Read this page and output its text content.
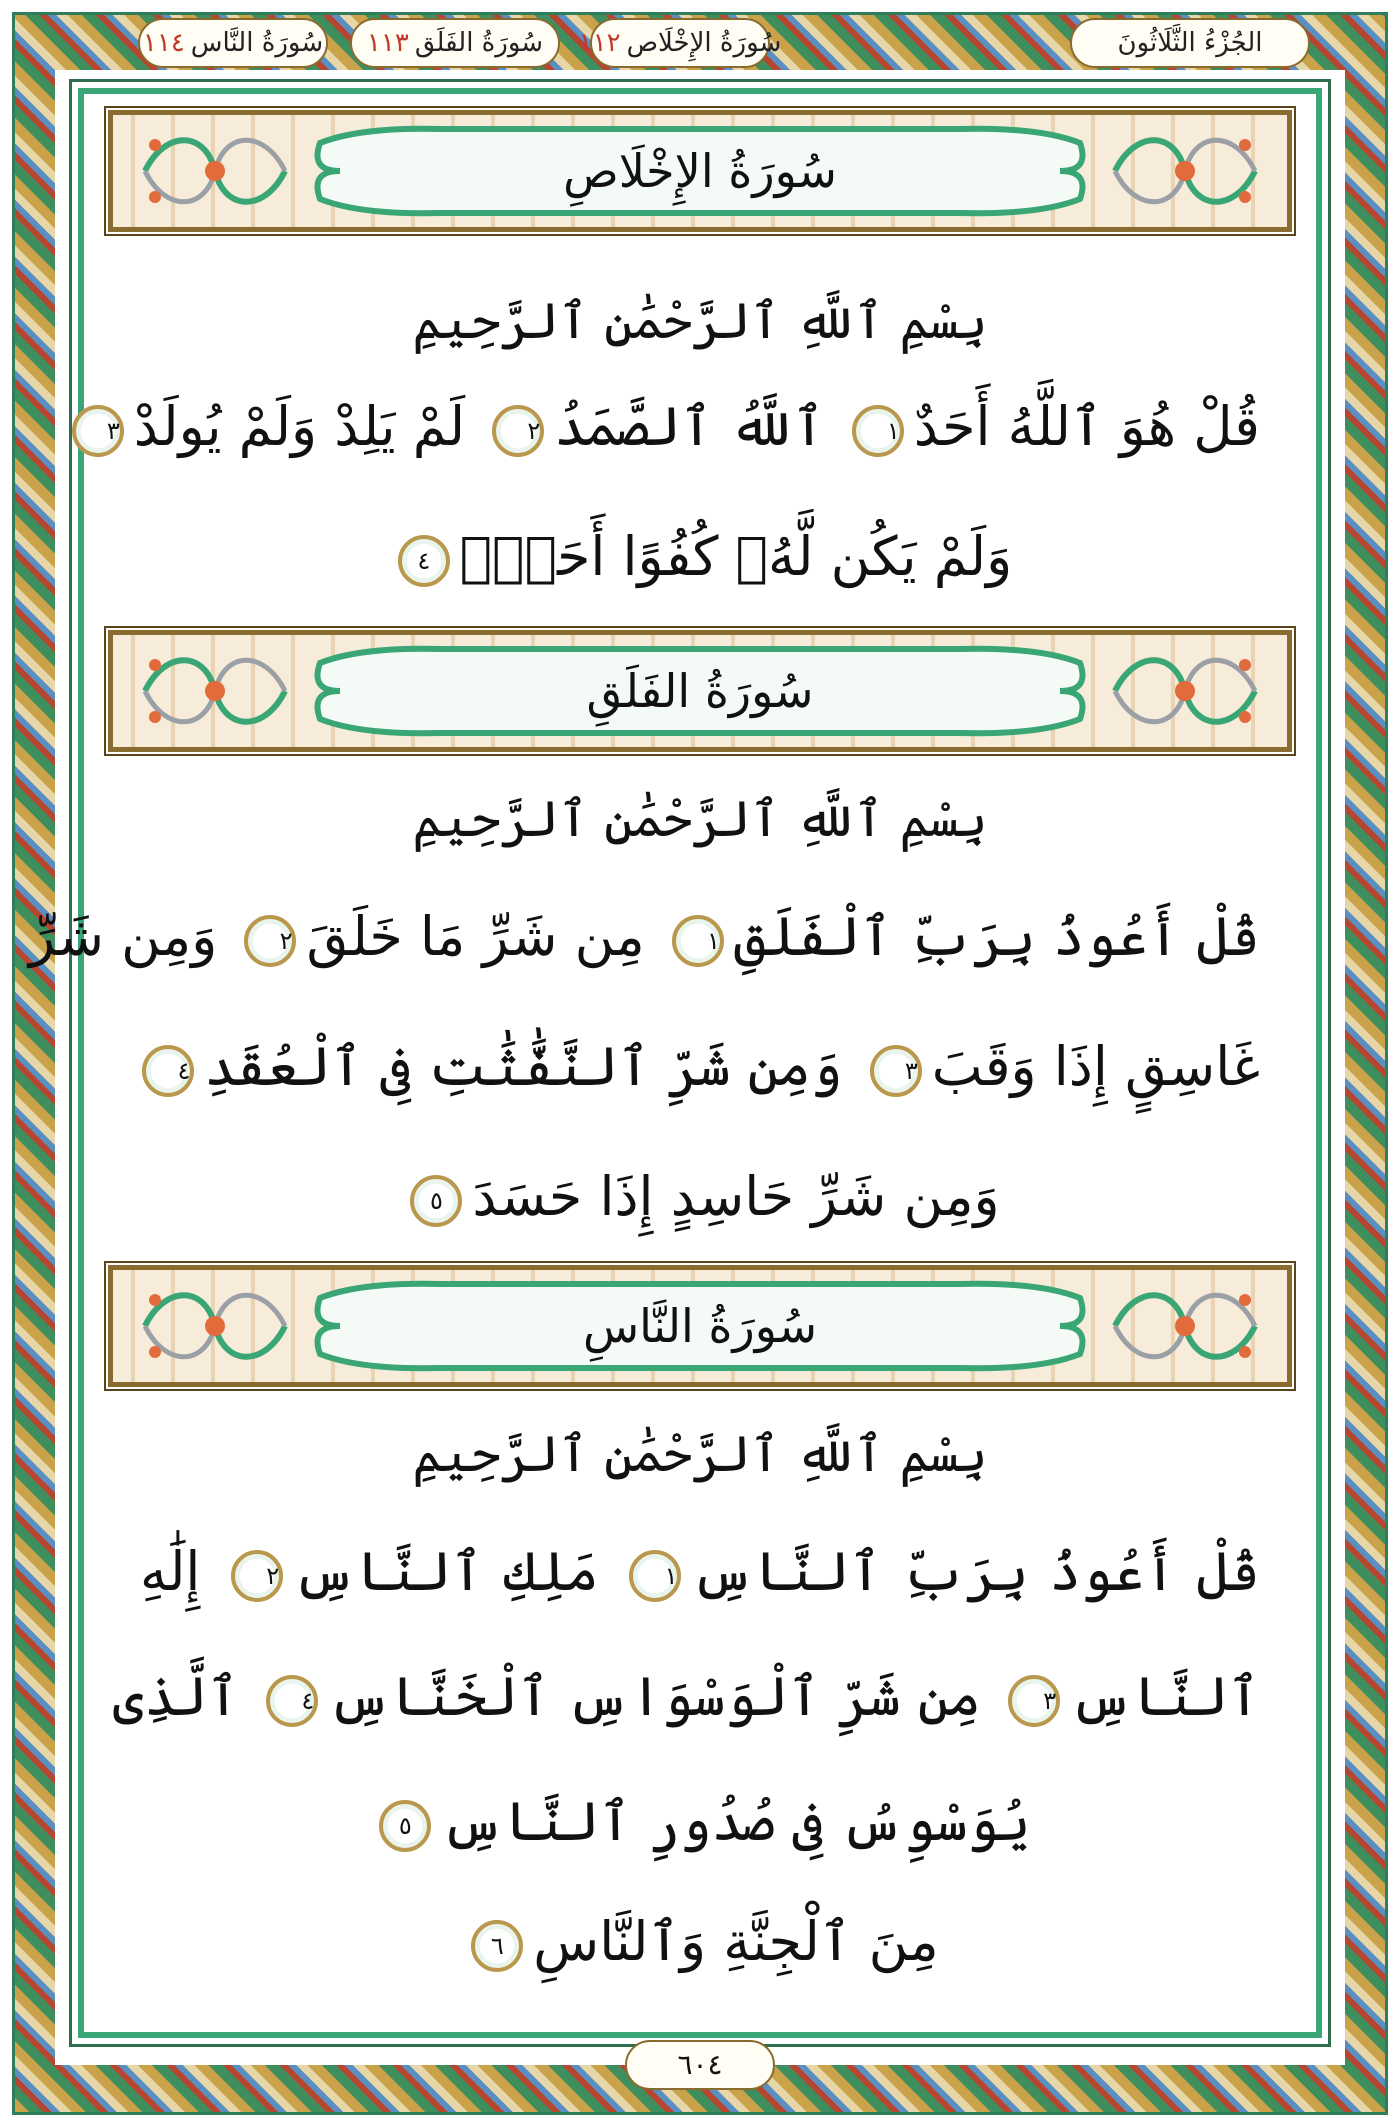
الجُزْءُ الثَّلَاثُونَ
سُورَةُ الإِخْلَاص
١١٢
سُورَةُ الفَلَق
١١٣
سُورَةُ النَّاس
١١٤
سُورَةُ الإِخْلَاصِ
بِسْمِ ٱللَّهِ ٱلرَّحْمَٰنِ ٱلرَّحِيمِ
قُلْ هُوَ ٱللَّهُ أَحَدٌ١ ٱللَّهُ ٱلصَّمَدُ٢ لَمْ يَلِدْ وَلَمْ يُولَدْ٣
وَلَمْ يَكُن لَّهُۥ كُفُوًا أَحَدٌۢ٤
سُورَةُ الفَلَقِ
بِسْمِ ٱللَّهِ ٱلرَّحْمَٰنِ ٱلرَّحِيمِ
قُلْ أَعُوذُ بِرَبِّ ٱلْفَلَقِ١ مِن شَرِّ مَا خَلَقَ٢ وَمِن شَرِّ
غَاسِقٍ إِذَا وَقَبَ٣ وَمِن شَرِّ ٱلنَّفَّٰثَٰتِ فِى ٱلْعُقَدِ٤
وَمِن شَرِّ حَاسِدٍ إِذَا حَسَدَ٥
سُورَةُ النَّاسِ
بِسْمِ ٱللَّهِ ٱلرَّحْمَٰنِ ٱلرَّحِيمِ
قُلْ أَعُوذُ بِرَبِّ ٱلنَّاسِ١ مَلِكِ ٱلنَّاسِ٢ إِلَٰهِ
ٱلنَّاسِ٣ مِن شَرِّ ٱلْوَسْوَاسِ ٱلْخَنَّاسِ٤ ٱلَّذِى
يُوَسْوِسُ فِى صُدُورِ ٱلنَّاسِ٥
مِنَ ٱلْجِنَّةِ وَٱلنَّاسِ٦
٦٠٤
